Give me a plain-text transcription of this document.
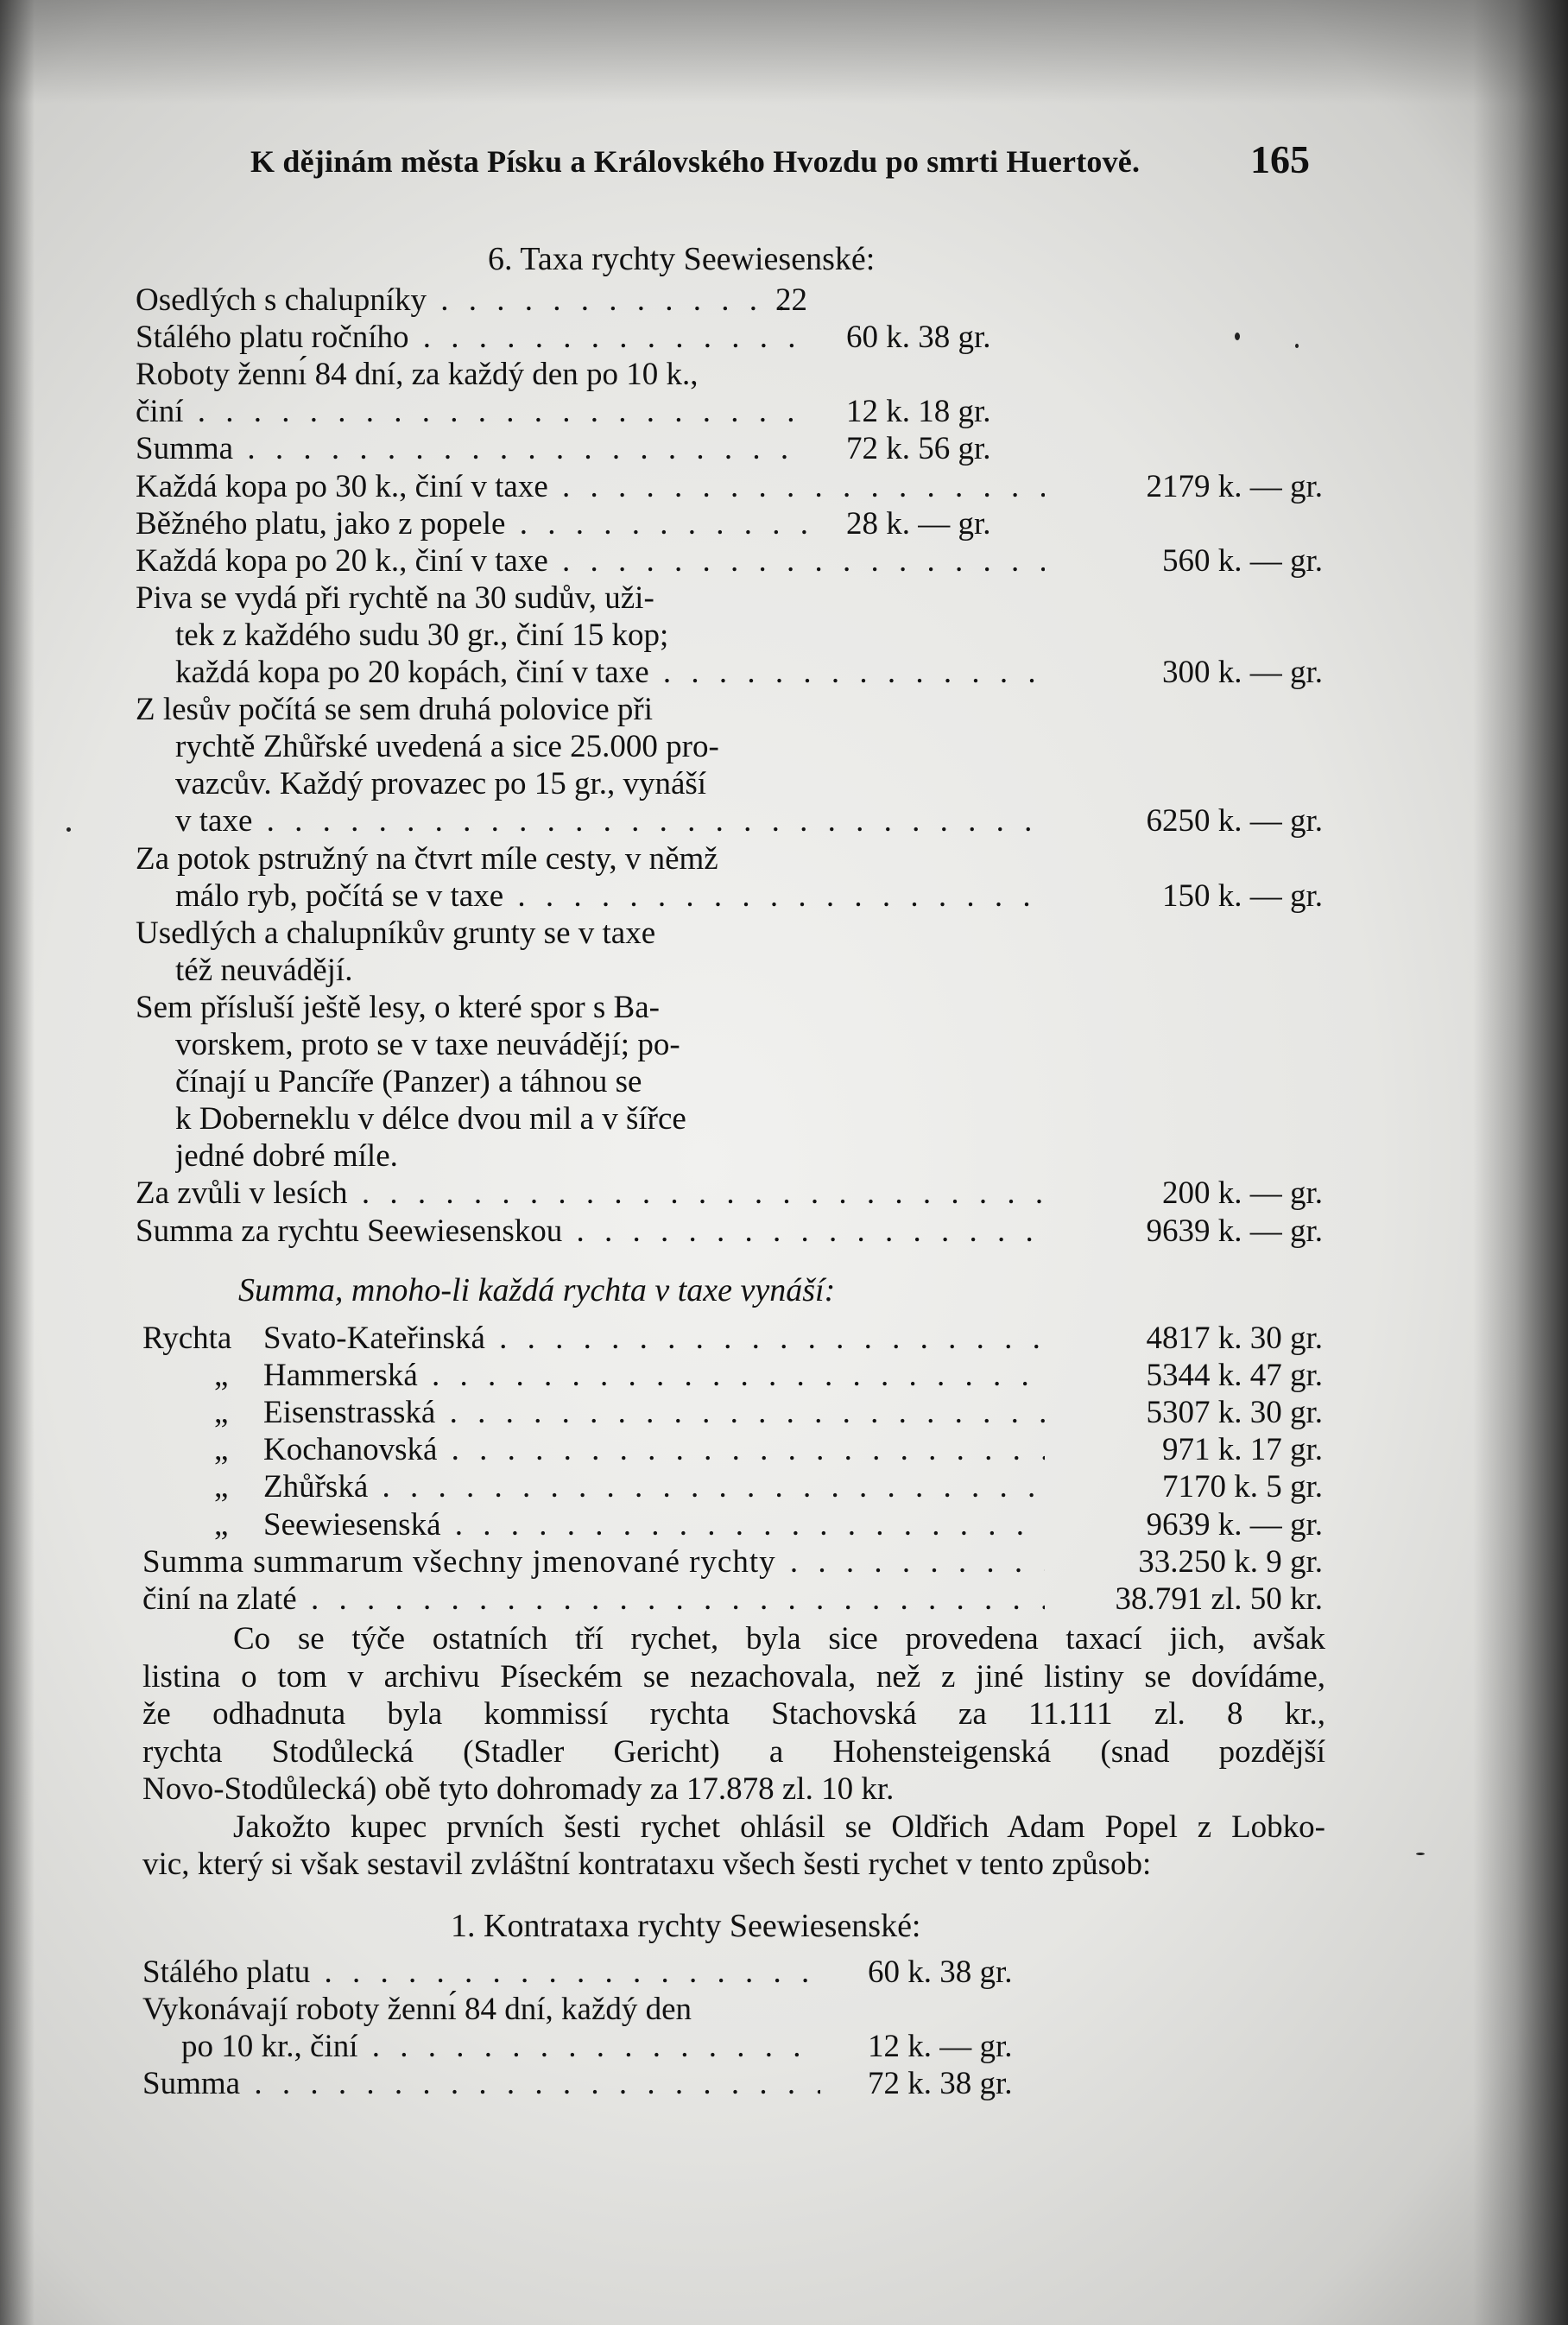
K dějinám města Písku a Královského Hvozdu po smrti Huertově.	165
6. Taxa rychty Seewiesenské:
Osedlých s chalupníky . . .	22
Stálého platu ročního . . .	60 k. 38 gr.
Roboty žennı́ 84 dní, za každý den po 10 k.,
činí . . .	12 k. 18 gr.
Summa . . .	72 k. 56 gr.
Každá kopa po 30 k., činí v taxe . . .	2179 k. — gr.
Běžného platu, jako z popele . . .	28 k. — gr.
Každá kopa po 20 k., činí v taxe . . .	560 k. — gr.
Piva se vydá při rychtě na 30 sudův, uži-
tek z každého sudu 30 gr., činí 15 kop;
každá kopa po 20 kopách, činí v taxe . . .	300 k. — gr.
Z lesův počítá se sem druhá polovice při
rychtě Zhůřské uvedená a sice 25.000 pro-
vazcův. Každý provazec po 15 gr., vynáší
v taxe . . .	6250 k. — gr.
Za potok pstružný na čtvrt míle cesty, v němž
málo ryb, počítá se v taxe . . .	150 k. — gr.
Usedlých a chalupníkův grunty se v taxe
též neuvádějí.
Sem přísluší ještě lesy, o které spor s Ba-
vorskem, proto se v taxe neuvádějí; po-
čínají u Pancíře (Panzer) a táhnou se
k Doberneklu v délce dvou mil a v šířce
jedné dobré míle.
Za zvůli v lesích . . .	200 k. — gr.
Summa za rychtu Seewiesenskou . . .	9639 k. — gr.
Summa, mnoho-li každá rychta v taxe vynáší:
Rychta Svato-Kateřinská . . .	4817 k. 30 gr.
„ Hammerská . . .	5344 k. 47 gr.
„ Eisenstrasská . . .	5307 k. 30 gr.
„ Kochanovská . . .	971 k. 17 gr.
„ Zhůřská . . .	7170 k. 5 gr.
„ Seewiesenská . . .	9639 k. — gr.
Summa summarum všechny jmenované rychty . . .	33.250 k. 9 gr.
činí na zlaté . . .	38.791 zl. 50 kr.
Co se týče ostatních tří rychet, byla sice provedena taxací jich, avšak
listina o tom v archivu Píseckém se nezachovala, než z jiné listiny se dovídáme,
že odhadnuta byla kommissí rychta Stachovská za 11.111 zl. 8 kr.,
rychta Stodůlecká (Stadler Gericht) a Hohensteigenská (snad pozdější
Novo-Stodůlecká) obě tyto dohromady za 17.878 zl. 10 kr.
Jakožto kupec prvních šesti rychet ohlásil se Oldřich Adam Popel z Lobko-
vic, který si však sestavil zvláštní kontrataxu všech šesti rychet v tento způsob:
1. Kontrataxa rychty Seewiesenské:
Stálého platu . . .	60 k. 38 gr.
Vykonávají roboty žennı́ 84 dní, každý den
po 10 kr., činí . . .	12 k. — gr.
Summa . . .	72 k. 38 gr.
